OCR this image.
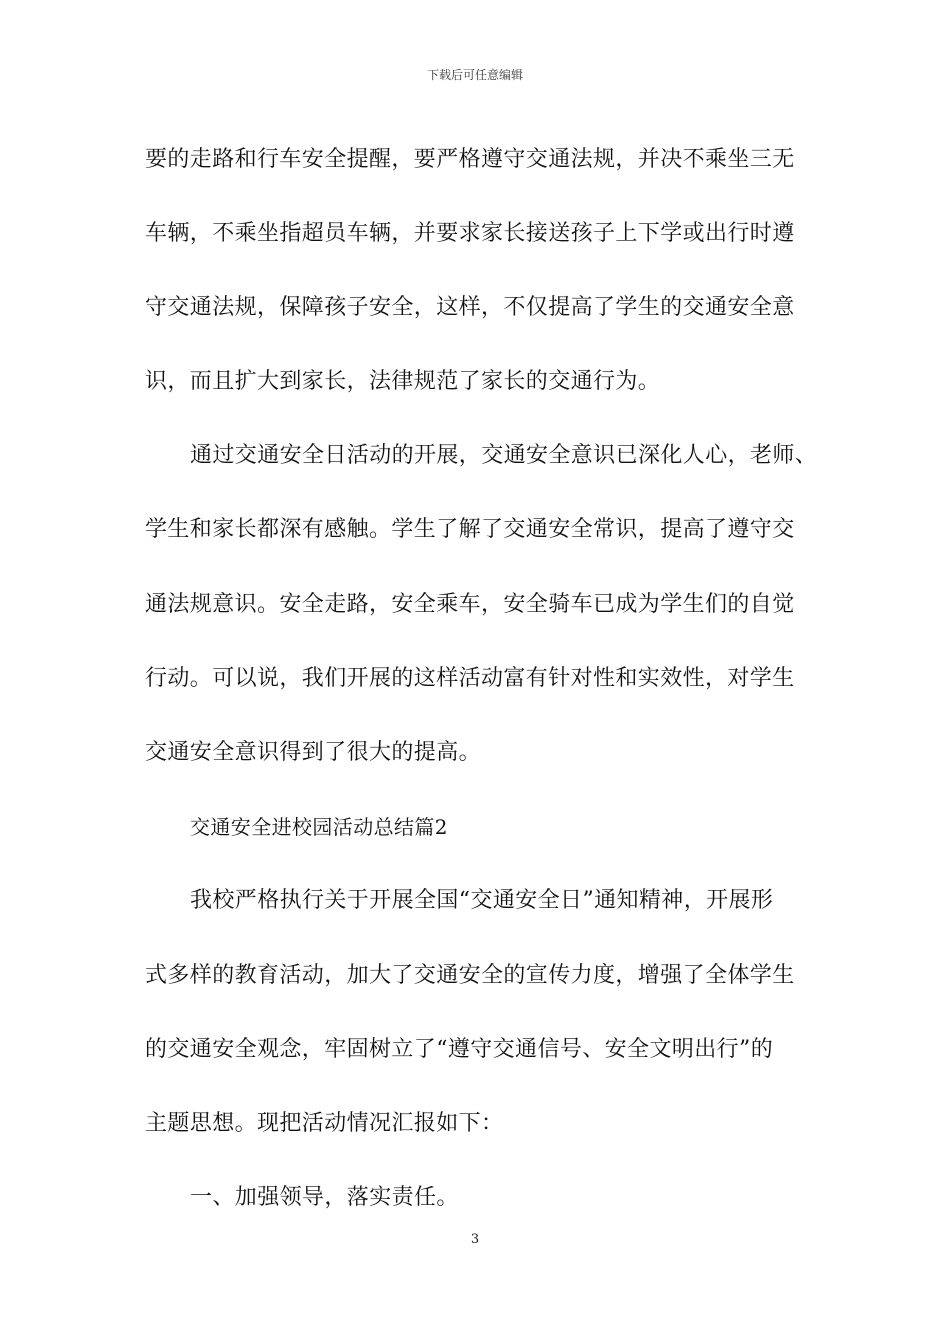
下载后可任意编辑
要的走路和行车安全提醒，要严格遵守交通法规，并决不乘坐三无
车辆，不乘坐指超员车辆，并要求家长接送孩子上下学或出行时遵
守交通法规，保障孩子安全，这样，不仅提高了学生的交通安全意
识，而且扩大到家长，法律规范了家长的交通行为。
通过交通安全日活动的开展，交通安全意识已深化人心，老师、
学生和家长都深有感触。学生了解了交通安全常识，提高了遵守交
通法规意识。安全走路，安全乘车，安全骑车已成为学生们的自觉
行动。可以说，我们开展的这样活动富有针对性和实效性，对学生
交通安全意识得到了很大的提高。
交通安全进校园活动总结篇2
我校严格执行关于开展全国“交通安全日”通知精神，开展形
式多样的教育活动，加大了交通安全的宣传力度，增强了全体学生
的交通安全观念，牢固树立了“遵守交通信号、安全文明出行”的
主题思想。现把活动情况汇报如下：
一、加强领导，落实责任。
3
